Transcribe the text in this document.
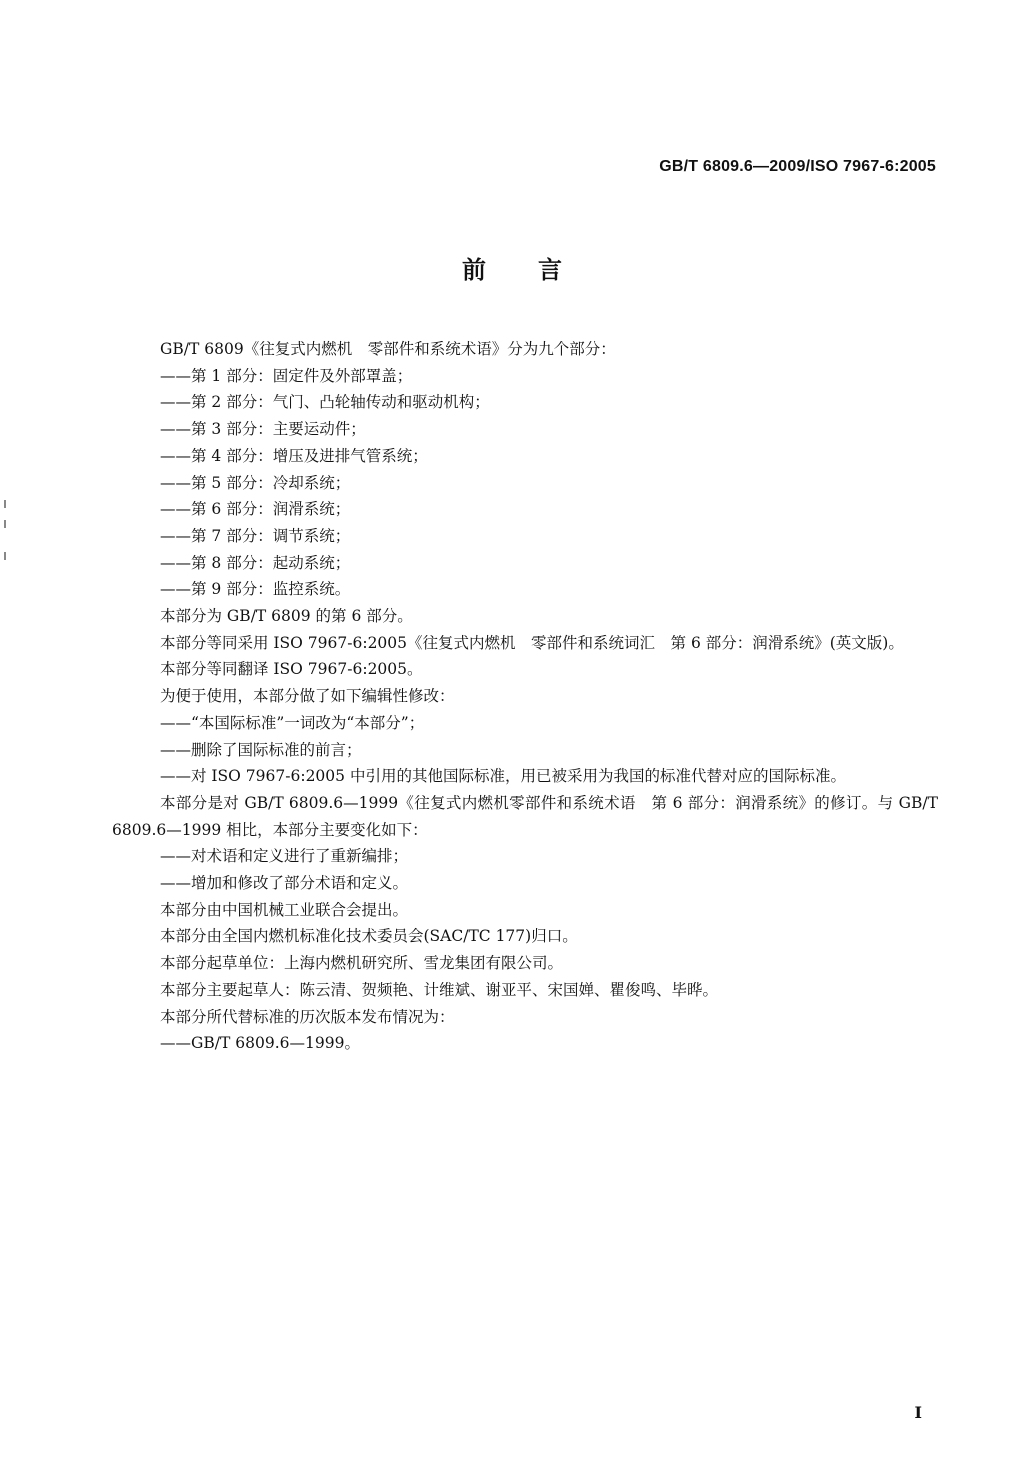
GB/T 6809.6—2009/ISO 7967-6:2005
前言

GB/T 6809《往复式内燃机　零部件和系统术语》分为九个部分：

——第 1 部分：固定件及外部罩盖；

——第 2 部分：气门、凸轮轴传动和驱动机构；

——第 3 部分：主要运动件；

——第 4 部分：增压及进排气管系统；

——第 5 部分：冷却系统；

——第 6 部分：润滑系统；

——第 7 部分：调节系统；

——第 8 部分：起动系统；

——第 9 部分：监控系统。

本部分为 GB/T 6809 的第 6 部分。

本部分等同采用 ISO 7967-6:2005《往复式内燃机　零部件和系统词汇　第 6 部分：润滑系统》(英文版)。

本部分等同翻译 ISO 7967-6:2005。

为便于使用，本部分做了如下编辑性修改：

——“本国际标准”一词改为“本部分”；

——删除了国际标准的前言；

——对 ISO 7967-6:2005 中引用的其他国际标准，用已被采用为我国的标准代替对应的国际标准。

本部分是对 GB/T 6809.6—1999《往复式内燃机零部件和系统术语　第 6 部分：润滑系统》的修订。与 GB/T 6809.6—1999 相比，本部分主要变化如下：

——对术语和定义进行了重新编排；

——增加和修改了部分术语和定义。

本部分由中国机械工业联合会提出。

本部分由全国内燃机标准化技术委员会(SAC/TC 177)归口。

本部分起草单位：上海内燃机研究所、雪龙集团有限公司。

本部分主要起草人：陈云清、贺频艳、计维斌、谢亚平、宋国婵、瞿俊鸣、毕晔。

本部分所代替标准的历次版本发布情况为：

——GB/T 6809.6—1999。

I
